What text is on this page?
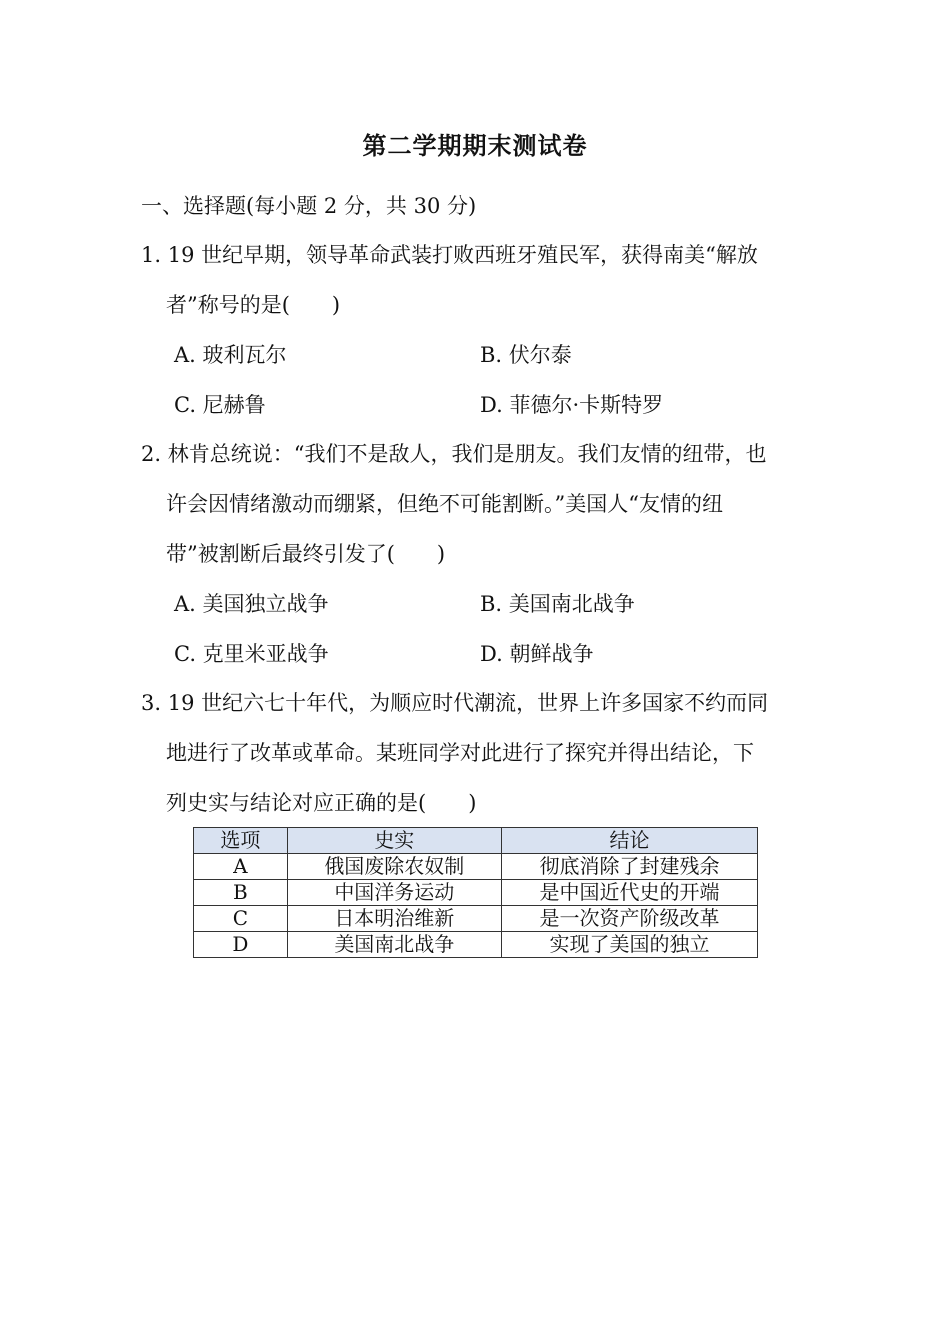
第二学期期末测试卷
一、选择题(每小题 2 分，共 30 分)
1. 19 世纪早期，领导革命武装打败西班牙殖民军，获得南美“解放
者”称号的是(　　)
A. 玻利瓦尔	B. 伏尔泰
C. 尼赫鲁	D. 菲德尔·卡斯特罗
2. 林肯总统说：“我们不是敌人，我们是朋友。我们友情的纽带，也
许会因情绪激动而绷紧，但绝不可能割断。”美国人“友情的纽
带”被割断后最终引发了(　　)
A. 美国独立战争	B. 美国南北战争
C. 克里米亚战争	D. 朝鲜战争
3. 19 世纪六七十年代，为顺应时代潮流，世界上许多国家不约而同
地进行了改革或革命。某班同学对此进行了探究并得出结论，下
列史实与结论对应正确的是(　　)
选项	史实	结论
A	俄国废除农奴制	彻底消除了封建残余
B	中国洋务运动	是中国近代史的开端
C	日本明治维新	是一次资产阶级改革
D	美国南北战争	实现了美国的独立
